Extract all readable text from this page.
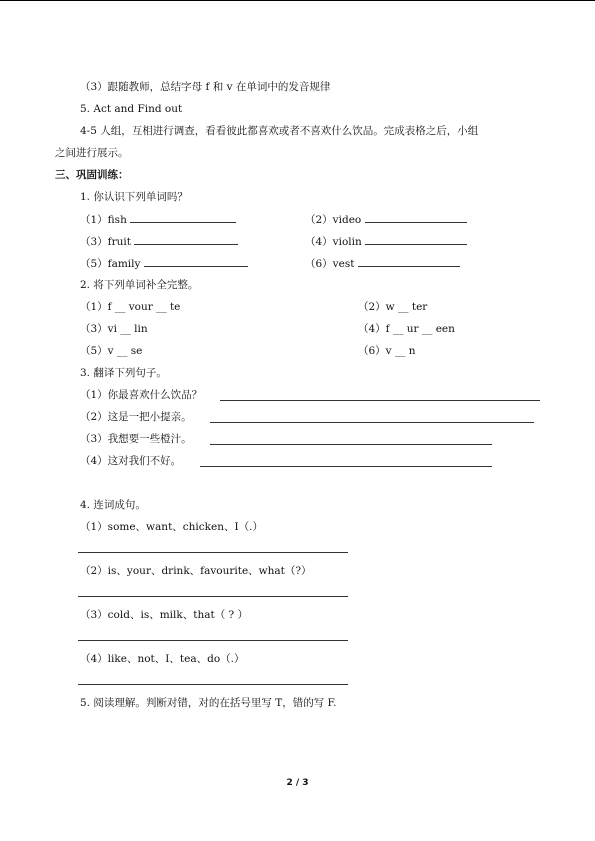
（3）跟随教师，总结字母 f 和 v 在单词中的发音规律
5. Act and Find out
4-5 人组，互相进行调查，看看彼此都喜欢或者不喜欢什么饮品。完成表格之后，小组
之间进行展示。
三、巩固训练：
1. 你认识下列单词吗？
（1）fish	（2）video
（3）fruit	（4）violin
（5）family	（6）vest
2. 将下列单词补全完整。
（1）f __ vour __ te	（2）w __ ter
（3）vi __ lin	（4）f __ ur __ een
（5）v __ se	（6）v __ n
3. 翻译下列句子。
（1）你最喜欢什么饮品？
（2）这是一把小提亲。
（3）我想要一些橙汁。
（4）这对我们不好。
4. 连词成句。
（1）some、want、chicken、I（.）
（2）is、your、drink、favourite、what（?）
（3）cold、is、milk、that（ ? ）
（4）like、not、I、tea、do（.）
5. 阅读理解。判断对错，对的在括号里写 T，错的写 F.
2 / 3
